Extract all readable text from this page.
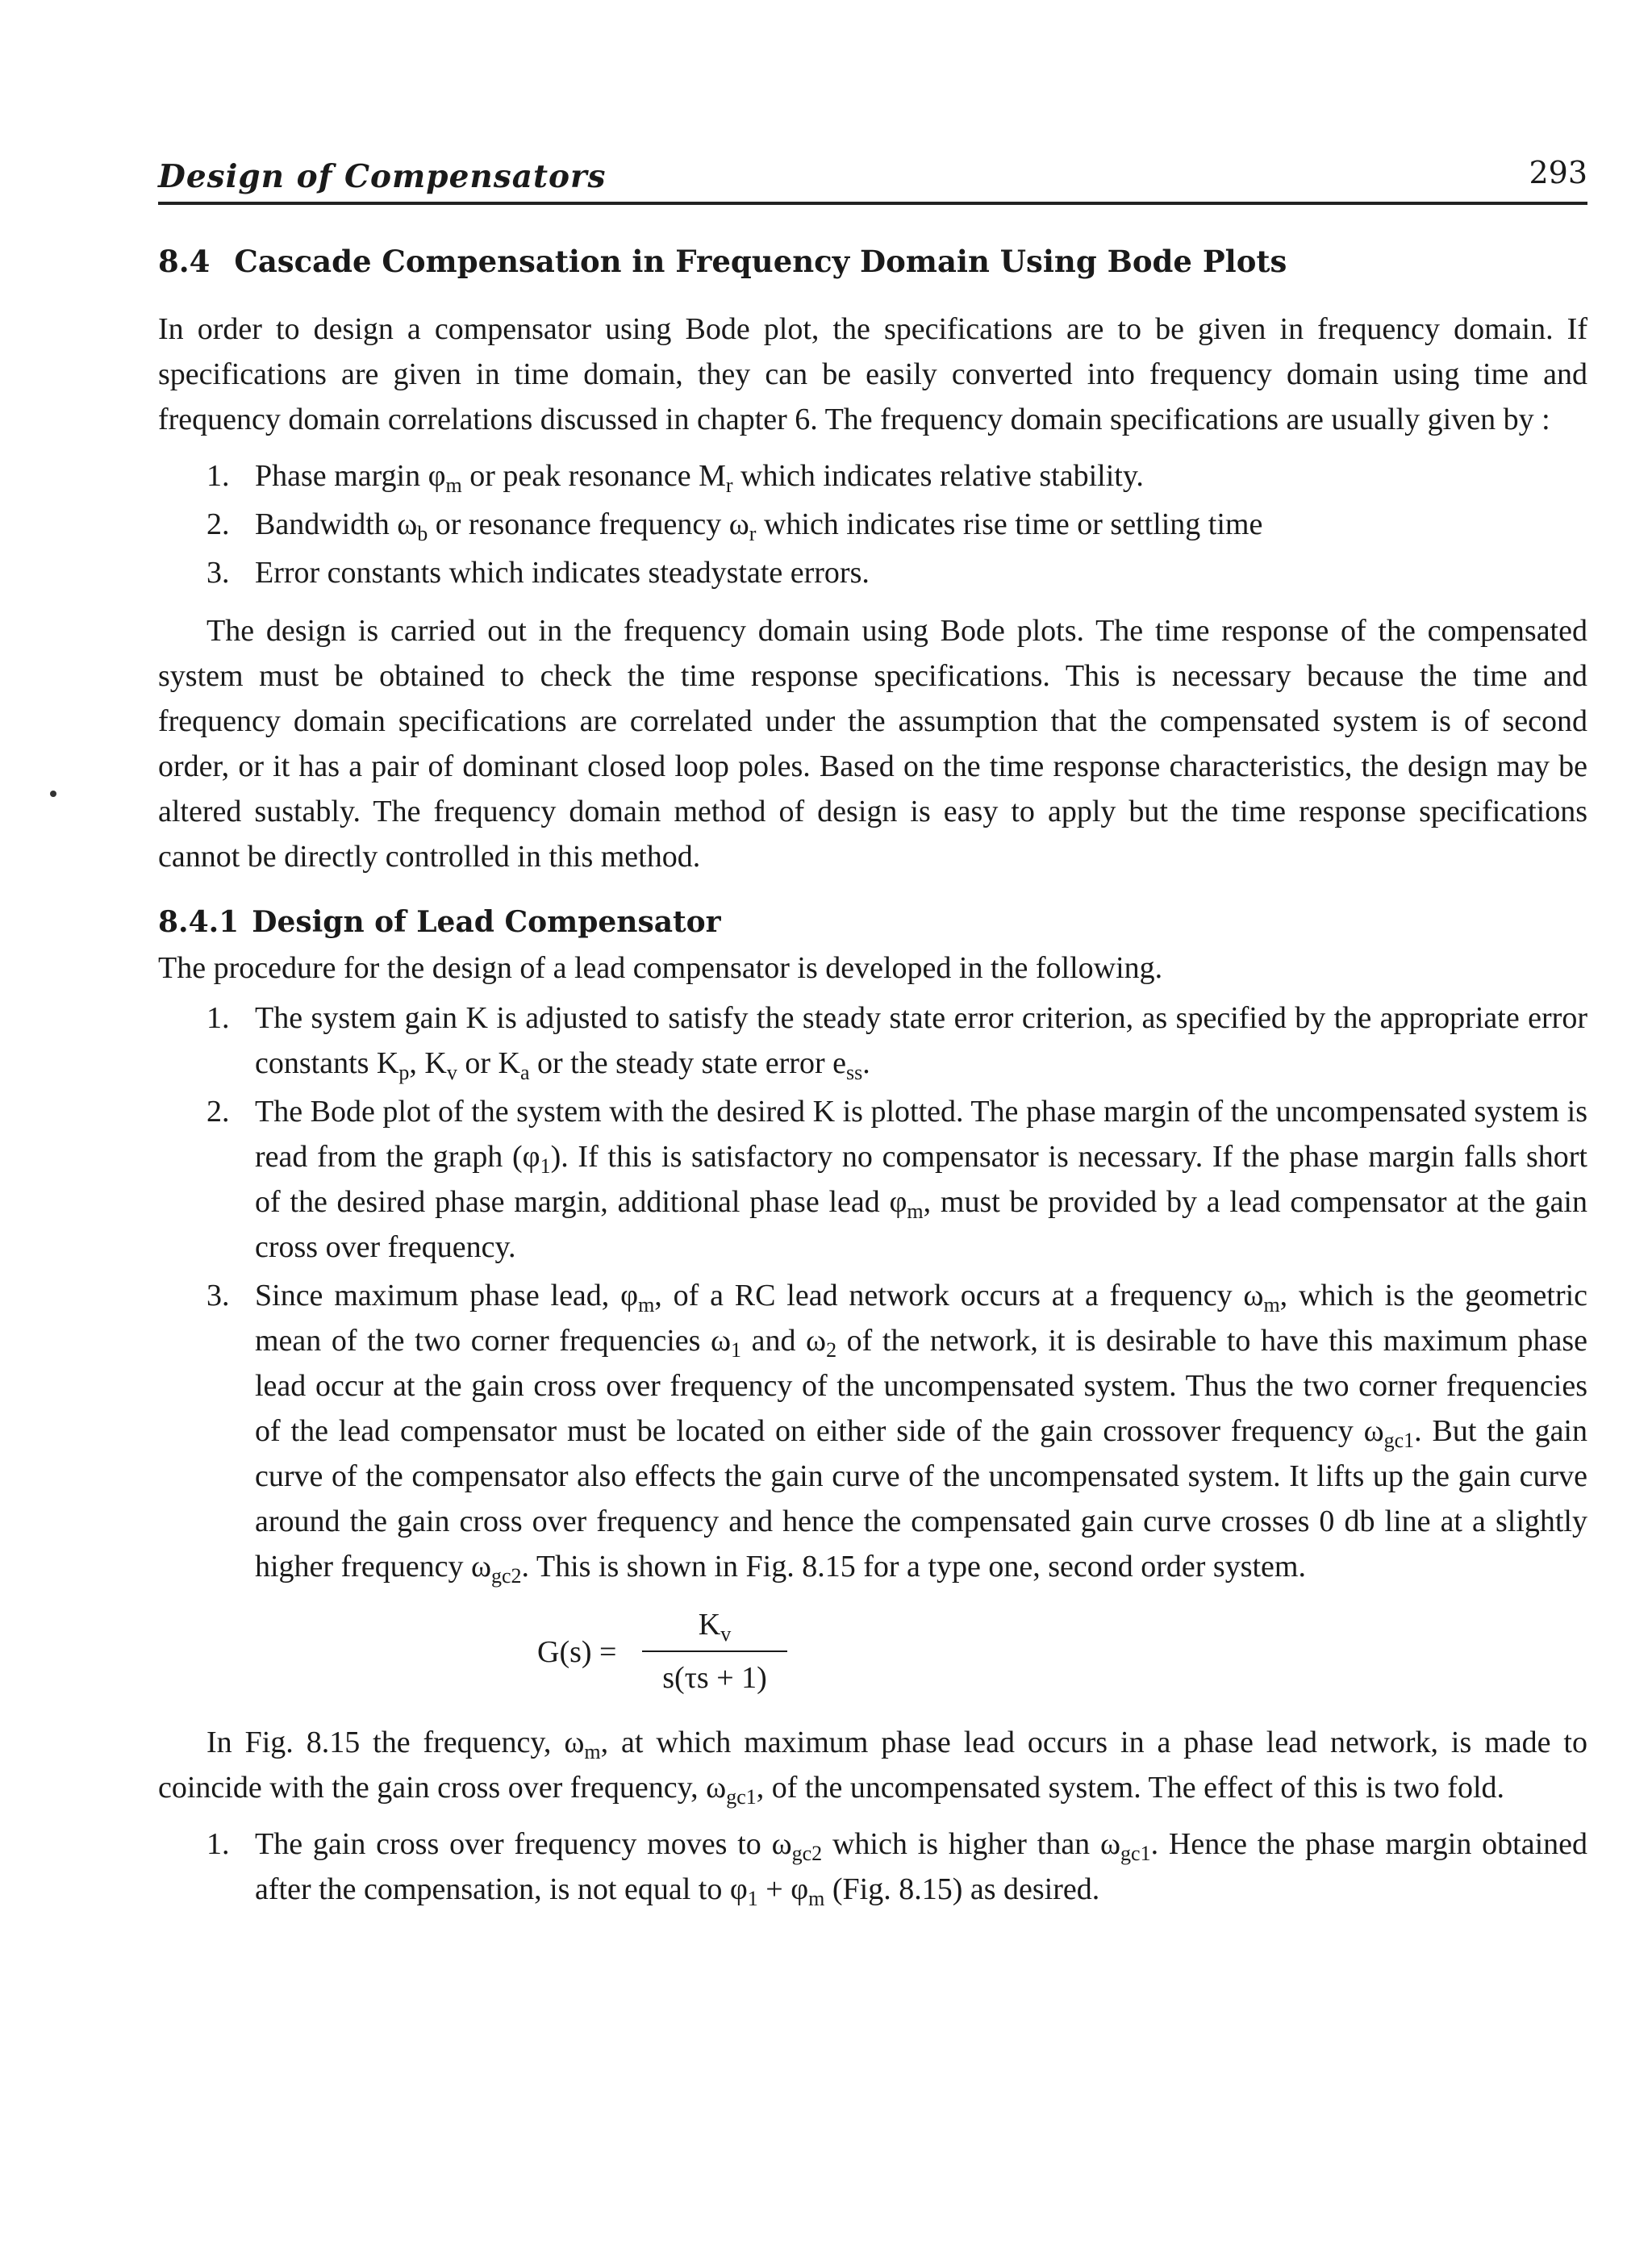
Design of Compensators	293
8.4 Cascade Compensation in Frequency Domain Using Bode Plots

In order to design a compensator using Bode plot, the specifications are to be given in frequency domain. If specifications are given in time domain, they can be easily converted into frequency domain using time and frequency domain correlations discussed in chapter 6. The frequency domain specifications are usually given by :

1. Phase margin $\varphi_m$ or peak resonance $M_r$ which indicates relative stability.
2. Bandwidth $\omega_b$ or resonance frequency $\omega_r$ which indicates rise time or settling time
3. Error constants which indicates steadystate errors.

The design is carried out in the frequency domain using Bode plots. The time response of the compensated system must be obtained to check the time response specifications. This is necessary because the time and frequency domain specifications are correlated under the assumption that the compensated system is of second order, or it has a pair of dominant closed loop poles. Based on the time response characteristics, the design may be altered sustably. The frequency domain method of design is easy to apply but the time response specifications cannot be directly controlled in this method.

8.4.1 Design of Lead Compensator

The procedure for the design of a lead compensator is developed in the following.

1. The system gain K is adjusted to satisfy the steady state error criterion, as specified by the appropriate error constants $K_p$, $K_v$ or $K_a$ or the steady state error $e_{ss}$.
2. The Bode plot of the system with the desired K is plotted. The phase margin of the uncompensated system is read from the graph $(\varphi_1)$. If this is satisfactory no compensator is necessary. If the phase margin falls short of the desired phase margin, additional phase lead $\varphi_m$, must be provided by a lead compensator at the gain cross over frequency.
3. Since maximum phase lead, $\varphi_m$, of a RC lead network occurs at a frequency $\omega_m$, which is the geometric mean of the two corner frequencies $\omega_1$ and $\omega_2$ of the network, it is desirable to have this maximum phase lead occur at the gain cross over frequency of the uncompensated system. Thus the two corner frequencies of the lead compensator must be located on either side of the gain crossover frequency $\omega_{gc1}$. But the gain curve of the compensator also effects the gain curve of the uncompensated system. It lifts up the gain curve around the gain cross over frequency and hence the compensated gain curve crosses 0 db line at a slightly higher frequency $\omega_{gc2}$. This is shown in Fig. 8.15 for a type one, second order system.
G(s) =
$K_v$
s(τs + 1)

In Fig. 8.15 the frequency, $\omega_m$, at which maximum phase lead occurs in a phase lead network, is made to coincide with the gain cross over frequency, $\omega_{gc1}$, of the uncompensated system. The effect of this is two fold.

1. The gain cross over frequency moves to $\omega_{gc2}$ which is higher than $\omega_{gc1}$. Hence the phase margin obtained after the compensation, is not equal to $\varphi_1 + \varphi_m$ (Fig. 8.15) as desired.
